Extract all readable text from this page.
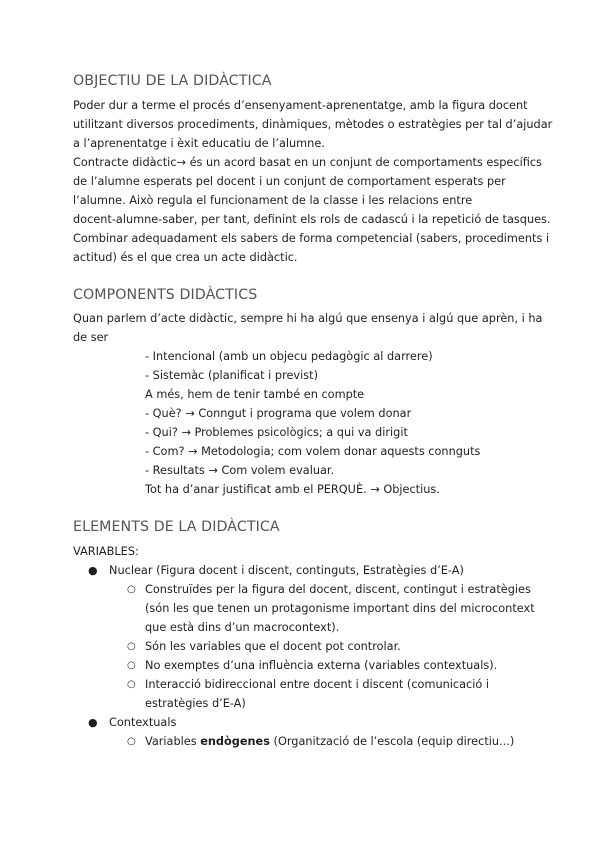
OBJECTIU DE LA DIDÀCTICA
Poder dur a terme el procés d’ensenyament-aprenentatge, amb la figura docent
utilitzant diversos procediments, dinàmiques, mètodes o estratègies per tal d’ajudar
a l’aprenentatge i èxit educatiu de l’alumne.
Contracte didàctic→ és un acord basat en un conjunt de comportaments específics
de l’alumne esperats pel docent i un conjunt de comportament esperats per
l’alumne. Això regula el funcionament de la classe i les relacions entre
docent-alumne-saber, per tant, definint els rols de cadascú i la repetició de tasques.
Combinar adequadament els sabers de forma competencial (sabers, procediments i
actitud) és el que crea un acte didàctic.
COMPONENTS DIDÀCTICS
Quan parlem d’acte didàctic, sempre hi ha algú que ensenya i algú que aprèn, i ha
de ser
- Intencional (amb un objecu pedagògic al darrere)
- Sistemàc (planificat i previst)
A més, hem de tenir també en compte
- Què? → Conngut i programa que volem donar
- Qui? → Problemes psicològics; a qui va dirigit
- Com? → Metodologia; com volem donar aquests connguts
- Resultats → Com volem evaluar.
Tot ha d’anar justificat amb el PERQUÈ. → Objectius.
ELEMENTS DE LA DIDÀCTICA
VARIABLES:
● Nuclear (Figura docent i discent, continguts, Estratègies d’E-A)
○ Construïdes per la figura del docent, discent, contingut i estratègies
(són les que tenen un protagonisme important dins del microcontext
que està dins d’un macrocontext).
○ Són les variables que el docent pot controlar.
○ No exemptes d’una influència externa (variables contextuals).
○ Interacció bidireccional entre docent i discent (comunicació i
estratègies d’E-A)
● Contextuals
○ Variables endògenes (Organització de l’escola (equip directiu...)
